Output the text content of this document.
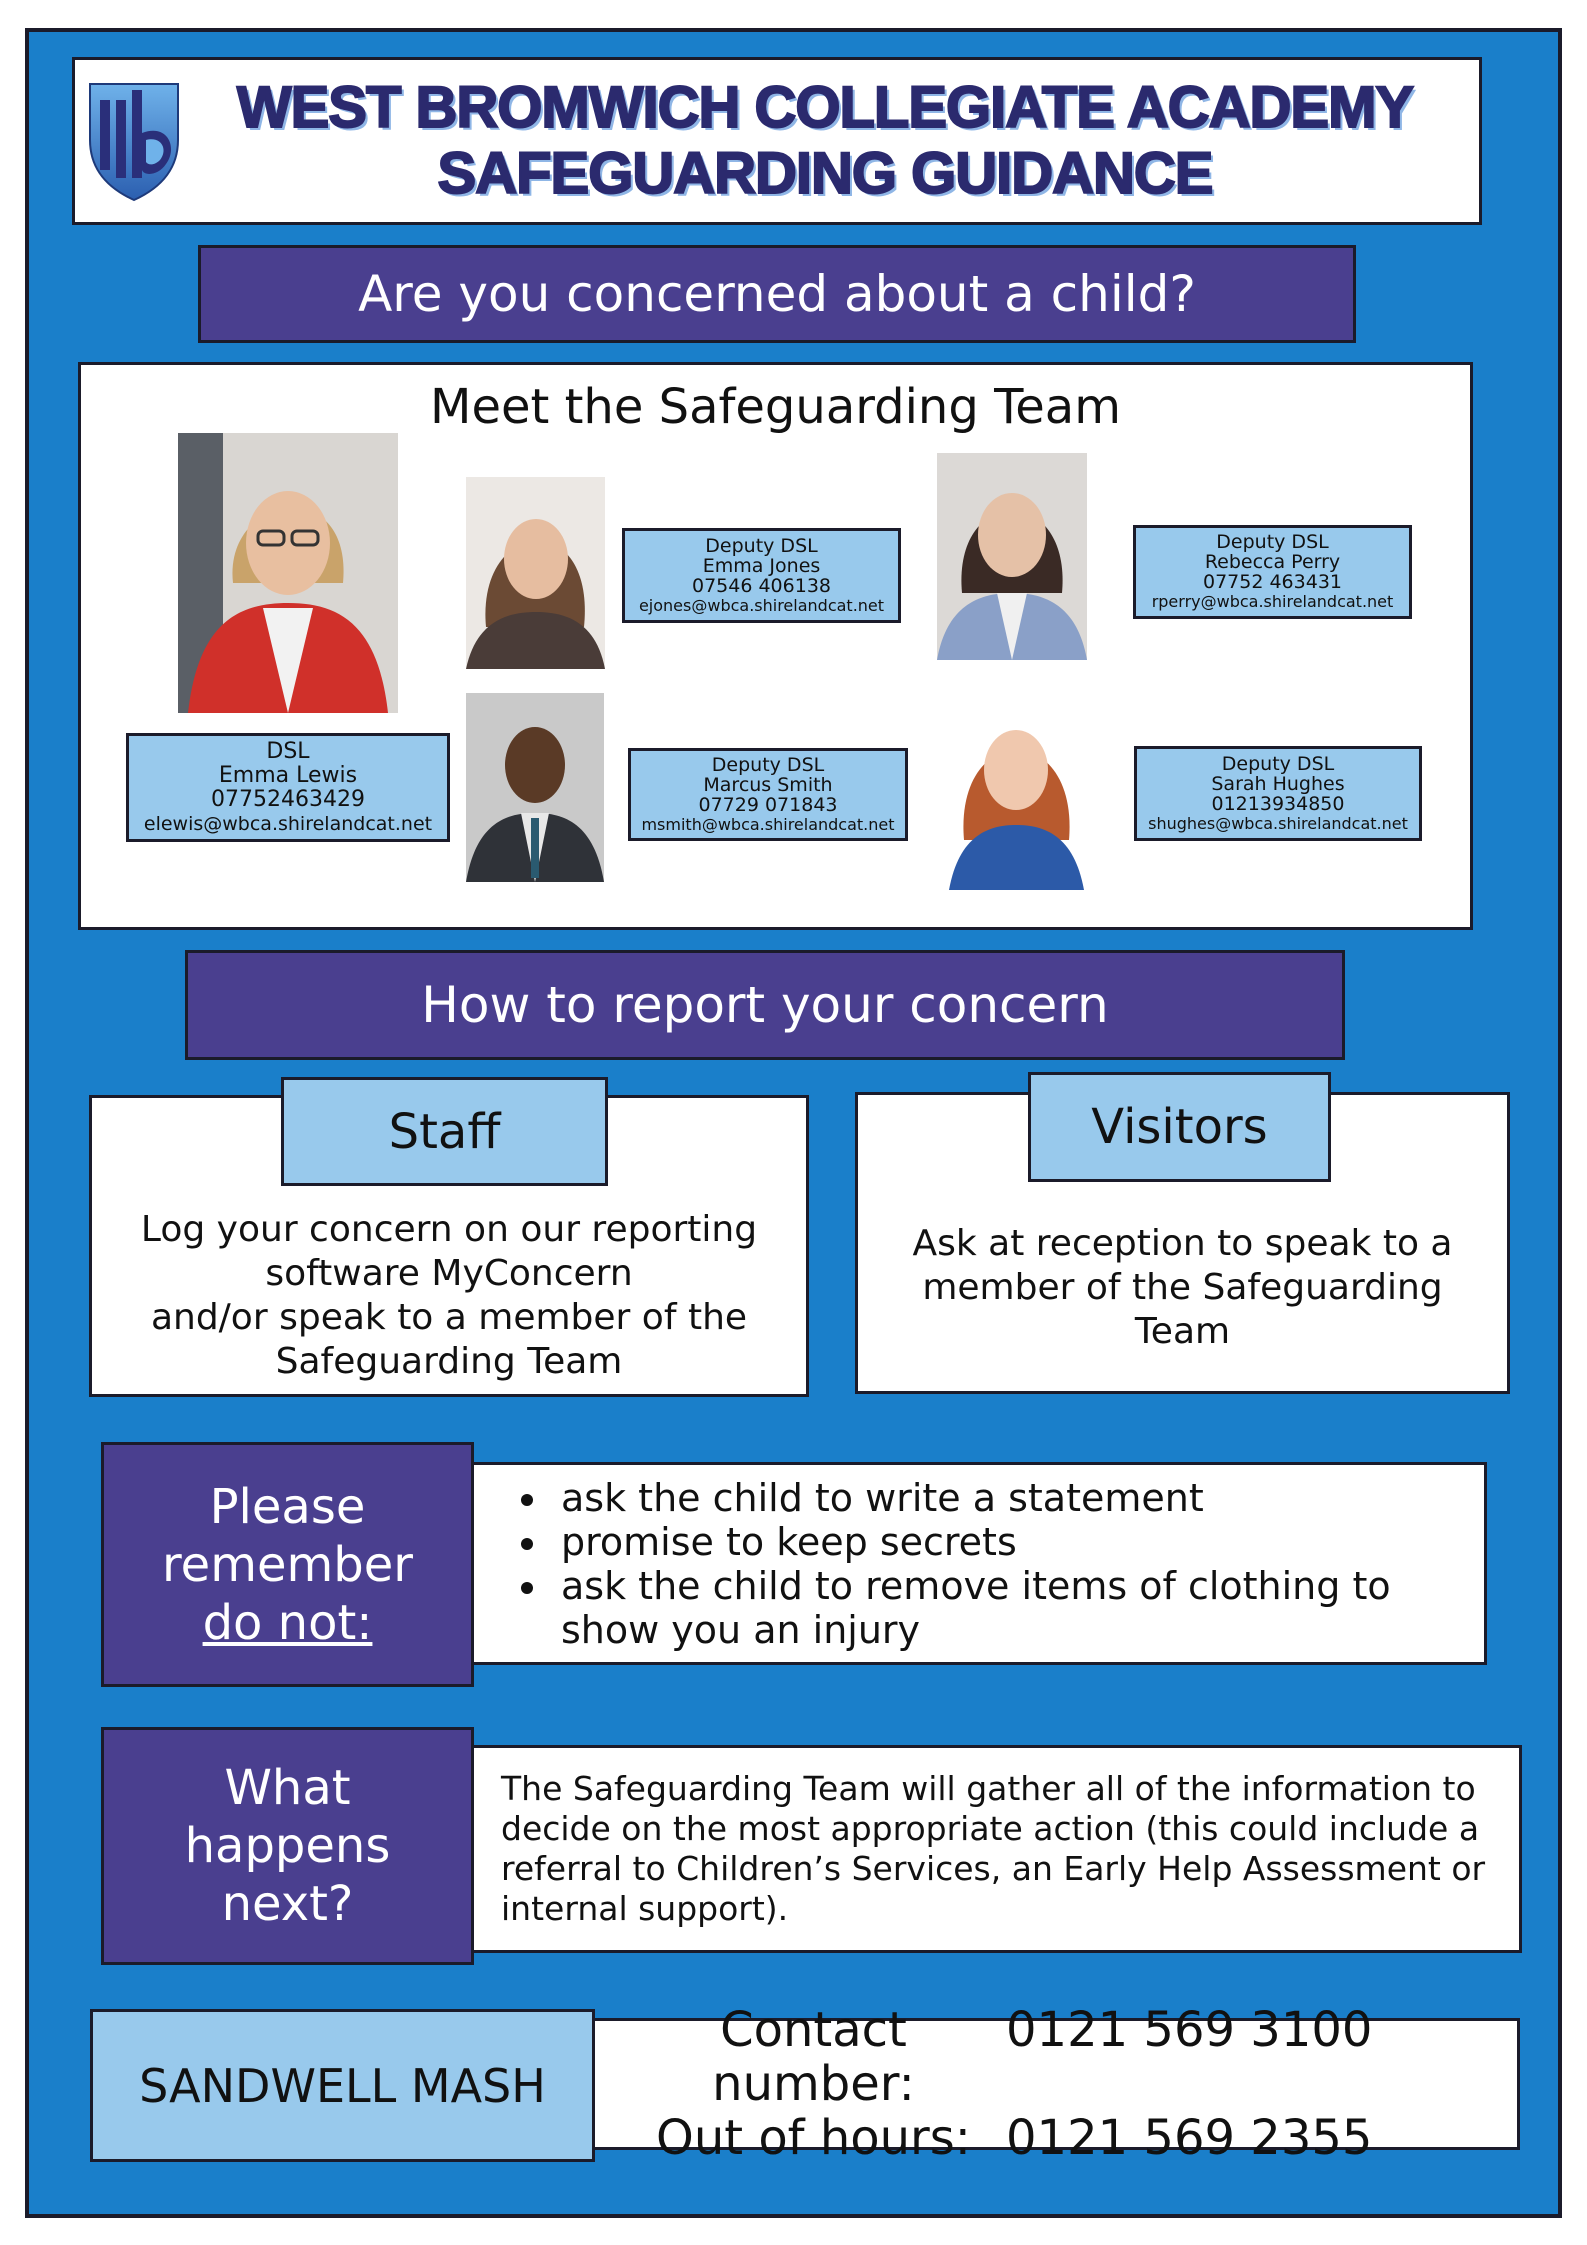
WEST BROMWICH COLLEGIATE ACADEMY
SAFEGUARDING GUIDANCE
Are you concerned about a child?
Meet the Safeguarding Team
DSL
Emma Lewis
07752463429
elewis@wbca.shirelandcat.net
Deputy DSL
Emma Jones
07546 406138
ejones@wbca.shirelandcat.net
Deputy DSL
Rebecca Perry
07752 463431
rperry@wbca.shirelandcat.net
Deputy DSL
Marcus Smith
07729 071843
msmith@wbca.shirelandcat.net
Deputy DSL
Sarah Hughes
01213934850
shughes@wbca.shirelandcat.net
How to report your concern
Log your concern on our reporting
software MyConcern
and/or speak to a member of the
Safeguarding Team
Staff
Ask at reception to speak to a
member of the Safeguarding
Team
Visitors
• ask the child to write a statement
• promise to keep secrets
• ask the child to remove items of clothing to show you an injury
Please
remember
do not:
The Safeguarding Team will gather all of the information to decide on the most appropriate action (this could include a referral to Children’s Services, an Early Help Assessment or internal support).
What
happens
next?
Contact number:
0121 569 3100
Out of hours: 0121 569 2355
SANDWELL MASH
